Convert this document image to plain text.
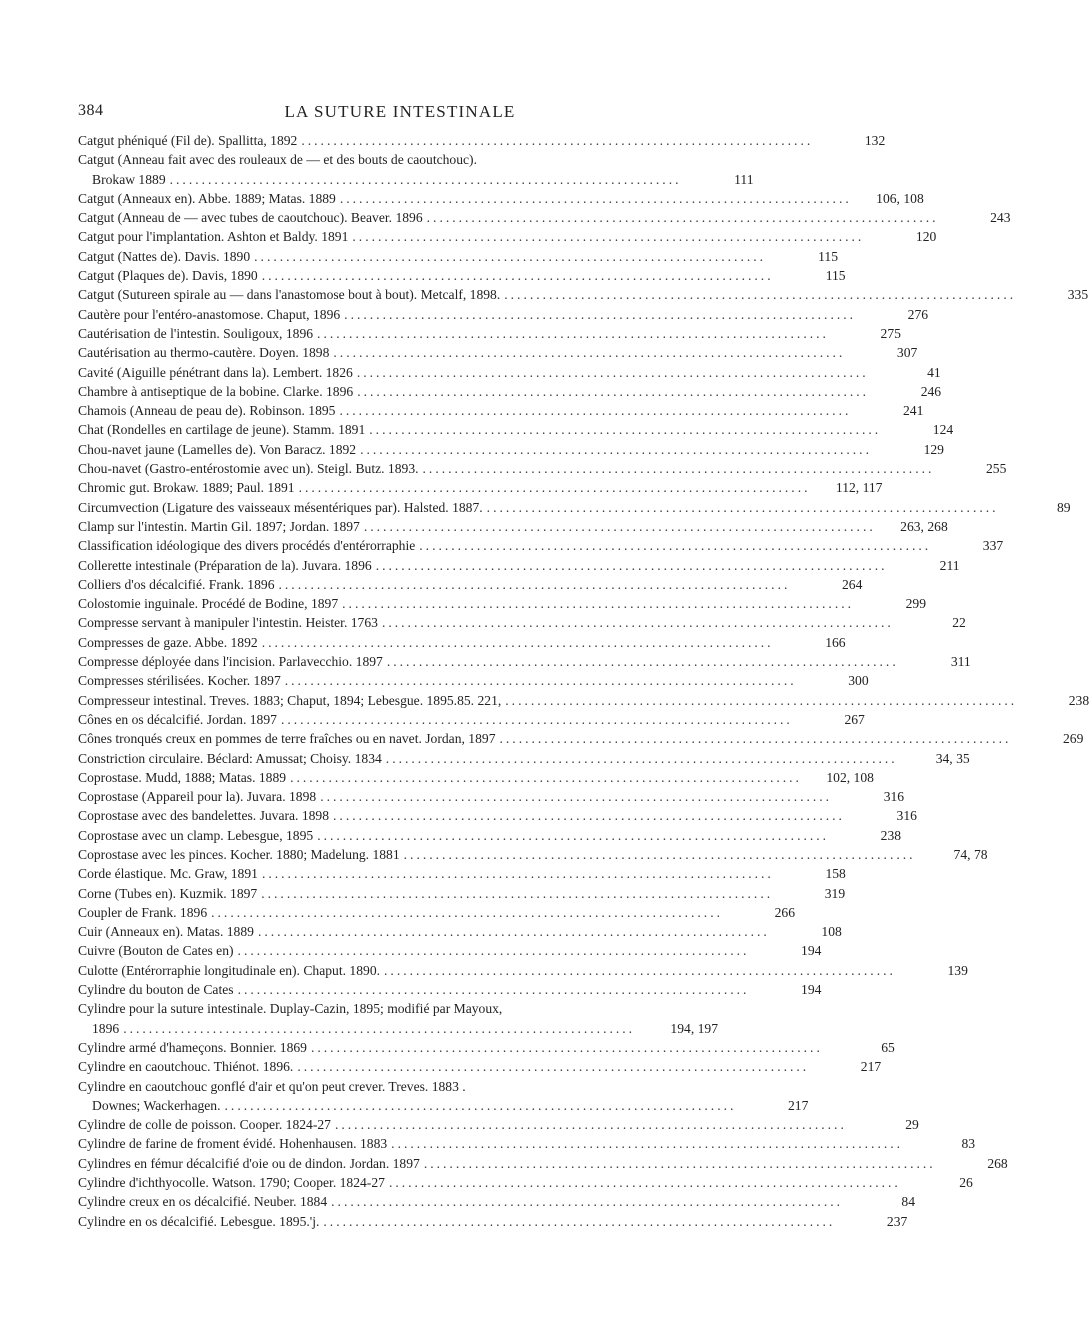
384	LA SUTURE INTESTINALE
Catgut phéniqué (Fil de). Spallitta, 1892 ................................................................................	132
Catgut (Anneau fait avec des rouleaux de — et des bouts de caoutchouc).
Brokaw 1889 ................................................................................	111
Catgut (Anneaux en). Abbe. 1889; Matas. 1889 ................................................................................	106, 108
Catgut (Anneau de — avec tubes de caoutchouc). Beaver. 1896 ................................................................................	243
Catgut pour l'implantation. Ashton et Baldy. 1891 ................................................................................	120
Catgut (Nattes de). Davis. 1890 ................................................................................	115
Catgut (Plaques de). Davis, 1890 ................................................................................	115
Catgut (Sutureen spirale au — dans l'anastomose bout à bout). Metcalf, 1898. ................................................................................	335
Cautère pour l'entéro-anastomose. Chaput, 1896 ................................................................................	276
Cautérisation de l'intestin. Souligoux, 1896 ................................................................................	275
Cautérisation au thermo-cautère. Doyen. 1898 ................................................................................	307
Cavité (Aiguille pénétrant dans la). Lembert. 1826 ................................................................................	41
Chambre à antiseptique de la bobine. Clarke. 1896 ................................................................................	246
Chamois (Anneau de peau de). Robinson. 1895 ................................................................................	241
Chat (Rondelles en cartilage de jeune). Stamm. 1891 ................................................................................	124
Chou-navet jaune (Lamelles de). Von Baracz. 1892 ................................................................................	129
Chou-navet (Gastro-entérostomie avec un). Steigl. Butz. 1893. ................................................................................	255
Chromic gut. Brokaw. 1889; Paul. 1891 ................................................................................	112, 117
Circumvection (Ligature des vaisseaux mésentériques par). Halsted. 1887. ................................................................................	89
Clamp sur l'intestin. Martin Gil. 1897; Jordan. 1897 ................................................................................	263, 268
Classification idéologique des divers procédés d'entérorraphie ................................................................................	337
Collerette intestinale (Préparation de la). Juvara. 1896 ................................................................................	211
Colliers d'os décalcifié. Frank. 1896 ................................................................................	264
Colostomie inguinale. Procédé de Bodine, 1897 ................................................................................	299
Compresse servant à manipuler l'intestin. Heister. 1763 ................................................................................	22
Compresses de gaze. Abbe. 1892 ................................................................................	166
Compresse déployée dans l'incision. Parlavecchio. 1897 ................................................................................	311
Compresses stérilisées. Kocher. 1897 ................................................................................	300
Compresseur intestinal. Treves. 1883; Chaput, 1894; Lebesgue. 1895.85. 221, ................................................................................	238
Cônes en os décalcifié. Jordan. 1897 ................................................................................	267
Cônes tronqués creux en pommes de terre fraîches ou en navet. Jordan, 1897 ................................................................................	269
Constriction circulaire. Béclard: Amussat; Choisy. 1834 ................................................................................	34, 35
Coprostase. Mudd, 1888; Matas. 1889 ................................................................................	102, 108
Coprostase (Appareil pour la). Juvara. 1898 ................................................................................	316
Coprostase avec des bandelettes. Juvara. 1898 ................................................................................	316
Coprostase avec un clamp. Lebesgue, 1895 ................................................................................	238
Coprostase avec les pinces. Kocher. 1880; Madelung. 1881 ................................................................................	74, 78
Corde élastique. Mc. Graw, 1891 ................................................................................	158
Corne (Tubes en). Kuzmik. 1897 ................................................................................	319
Coupler de Frank. 1896 ................................................................................	266
Cuir (Anneaux en). Matas. 1889 ................................................................................	108
Cuivre (Bouton de Cates en) ................................................................................	194
Culotte (Entérorraphie longitudinale en). Chaput. 1890. ................................................................................	139
Cylindre du bouton de Cates ................................................................................	194
Cylindre pour la suture intestinale. Duplay-Cazin, 1895; modifié par Mayoux,
1896 ................................................................................	194, 197
Cylindre armé d'hameçons. Bonnier. 1869 ................................................................................	65
Cylindre en caoutchouc. Thiénot. 1896. ................................................................................	217
Cylindre en caoutchouc gonflé d'air et qu'on peut crever. Treves. 1883 .
Downes; Wackerhagen. ................................................................................	217
Cylindre de colle de poisson. Cooper. 1824-27 ................................................................................	29
Cylindre de farine de froment évidé. Hohenhausen. 1883 ................................................................................	83
Cylindres en fémur décalcifié d'oie ou de dindon. Jordan. 1897 ................................................................................	268
Cylindre d'ichthyocolle. Watson. 1790; Cooper. 1824-27 ................................................................................	26
Cylindre creux en os décalcifié. Neuber. 1884 ................................................................................	84
Cylindre en os décalcifié. Lebesgue. 1895.'j. ................................................................................	237
